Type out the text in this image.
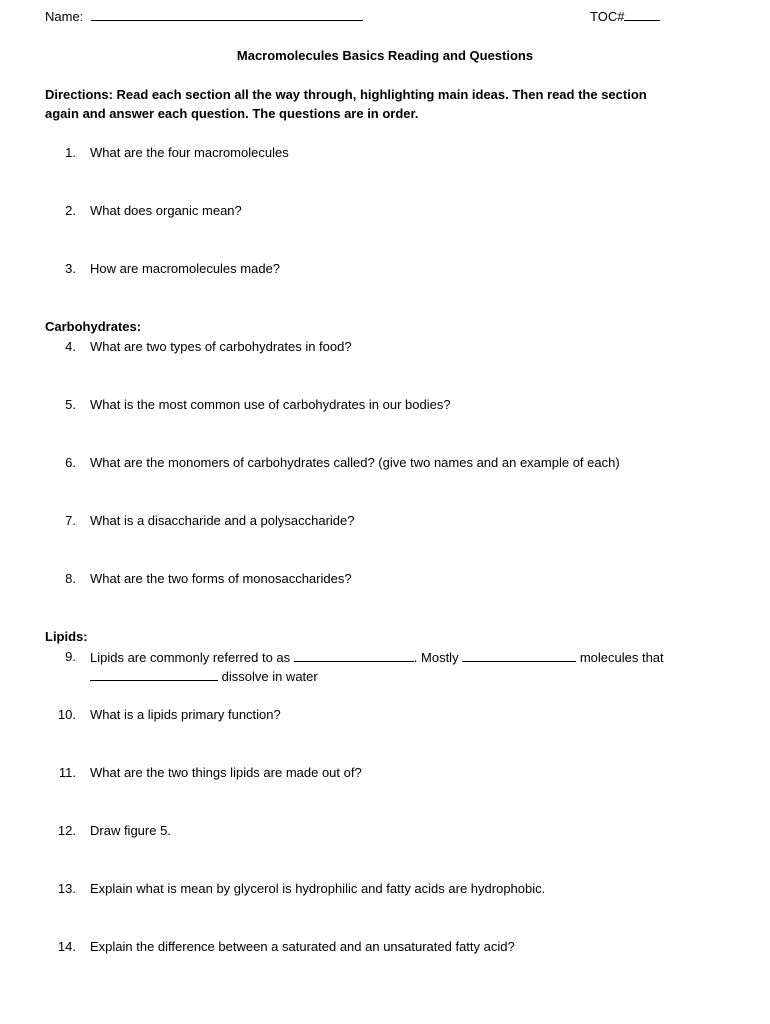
Name:	TOC#
Macromolecules Basics Reading and Questions
Directions: Read each section all the way through, highlighting main ideas. Then read the section
again and answer each question. The questions are in order.
1. What are the four macromolecules
2. What does organic mean?
3. How are macromolecules made?
Carbohydrates:
4. What are two types of carbohydrates in food?
5. What is the most common use of carbohydrates in our bodies?
6. What are the monomers of carbohydrates called? (give two names and an example of each)
7. What is a disaccharide and a polysaccharide?
8. What are the two forms of monosaccharides?
Lipids:
9. Lipids are commonly referred to as	. Mostly	molecules that
dissolve in water
10. What is a lipids primary function?
11. What are the two things lipids are made out of?
12. Draw figure 5.
13. Explain what is mean by glycerol is hydrophilic and fatty acids are hydrophobic.
14. Explain the difference between a saturated and an unsaturated fatty acid?
